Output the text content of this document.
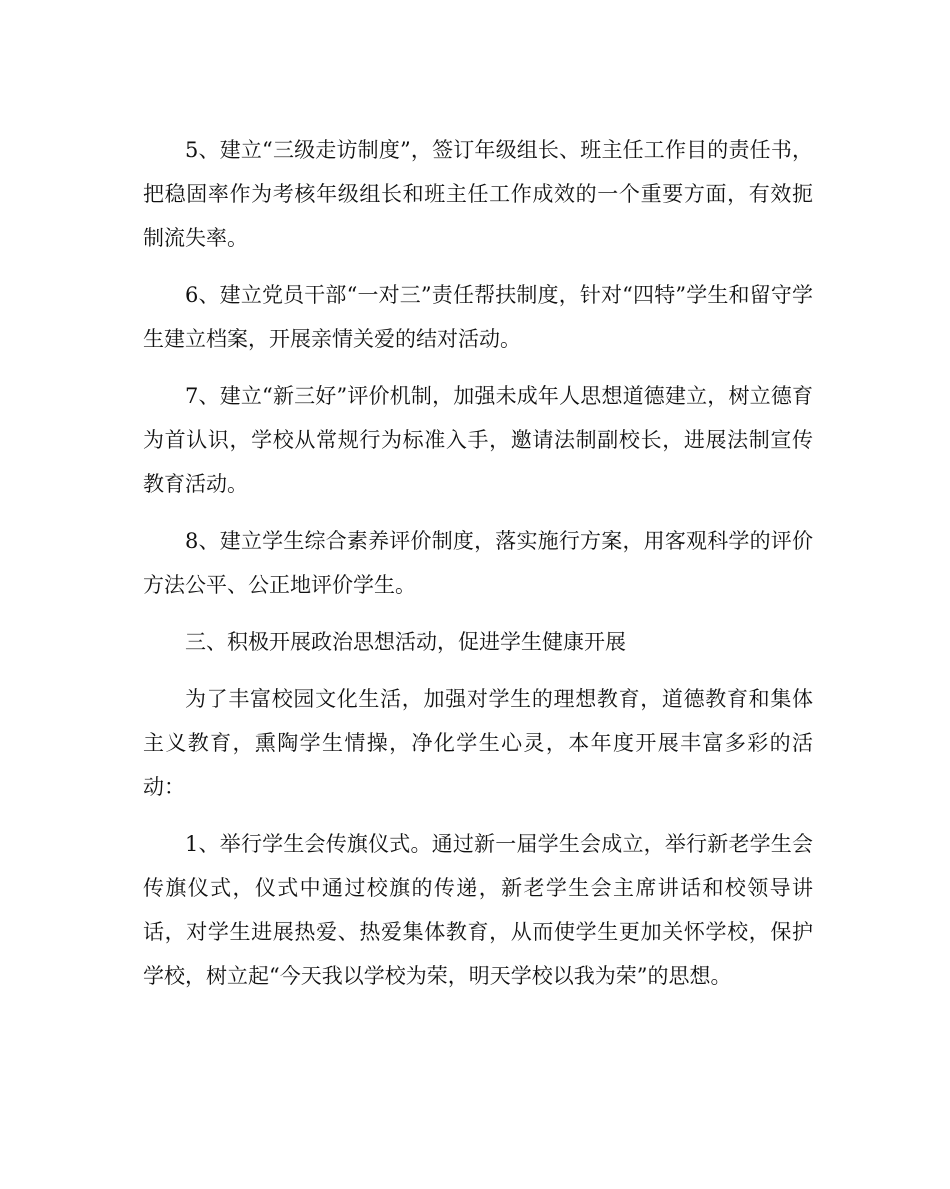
5、建立“三级走访制度”，签订年级组长、班主任工作目的责任书，把稳固率作为考核年级组长和班主任工作成效的一个重要方面，有效扼制流失率。

6、建立党员干部“一对三”责任帮扶制度，针对“四特”学生和留守学生建立档案，开展亲情关爱的结对活动。

7、建立“新三好”评价机制，加强未成年人思想道德建立，树立德育为首认识，学校从常规行为标准入手，邀请法制副校长，进展法制宣传教育活动。

8、建立学生综合素养评价制度，落实施行方案，用客观科学的评价方法公平、公正地评价学生。

三、积极开展政治思想活动，促进学生健康开展

为了丰富校园文化生活，加强对学生的理想教育，道德教育和集体主义教育，熏陶学生情操，净化学生心灵，本年度开展丰富多彩的活动：

1、举行学生会传旗仪式。通过新一届学生会成立，举行新老学生会传旗仪式，仪式中通过校旗的传递，新老学生会主席讲话和校领导讲话，对学生进展热爱、热爱集体教育，从而使学生更加关怀学校，保护学校，树立起“今天我以学校为荣，明天学校以我为荣”的思想。
